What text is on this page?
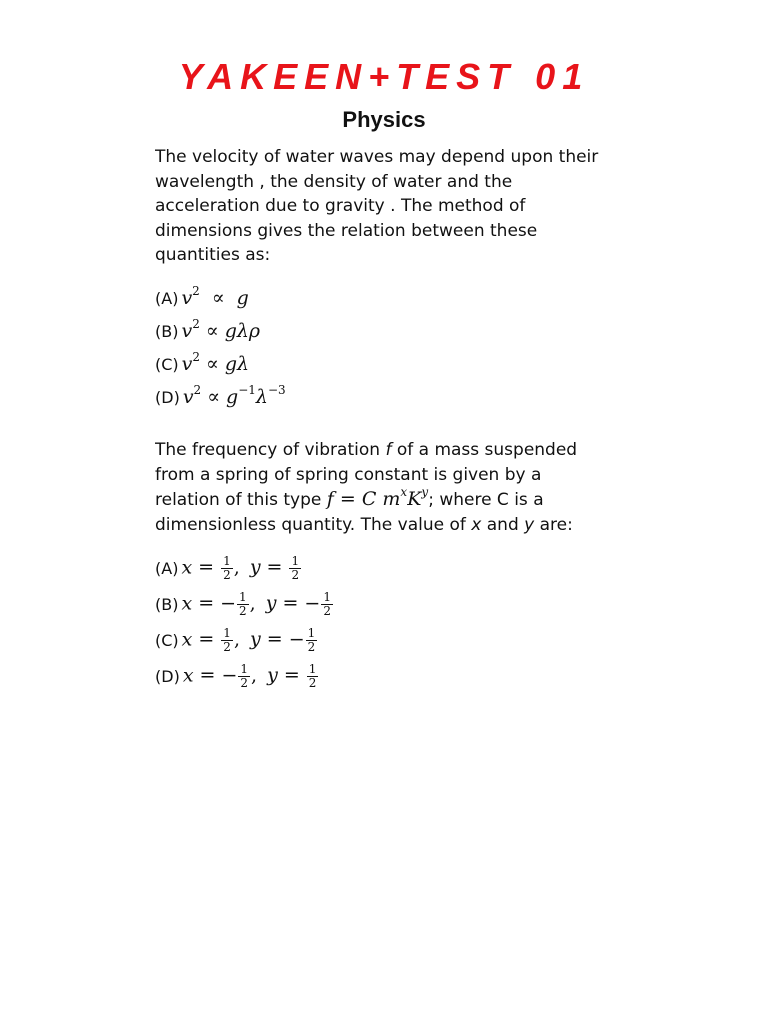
YAKEEN+TEST 01
Physics
The velocity of water waves may depend upon their
wavelength , the density of water and the
acceleration due to gravity . The method of
dimensions gives the relation between these
quantities as:
(A) $v^2 \propto g$
(B) $v^2 \propto g\lambda\rho$
(C) $v^2 \propto g\lambda$
(D) $v^2 \propto g^{-1}\lambda^{-3}$
The frequency of vibration f of a mass suspended
from a spring of spring constant is given by a
relation of this type f = C $m^xK^y$; where C is a
dimensionless quantity. The value of x and y are:
(A) $x = \frac{1}{2}$ , $y = \frac{1}{2}$
(B) x = − $\frac{1}{2}$ , y = − $\frac{1}{2}$
(C) $x = \frac{1}{2}$ , y = − $\frac{1}{2}$
(D) x = − $\frac{1}{2}$ , $y = \frac{1}{2}$
